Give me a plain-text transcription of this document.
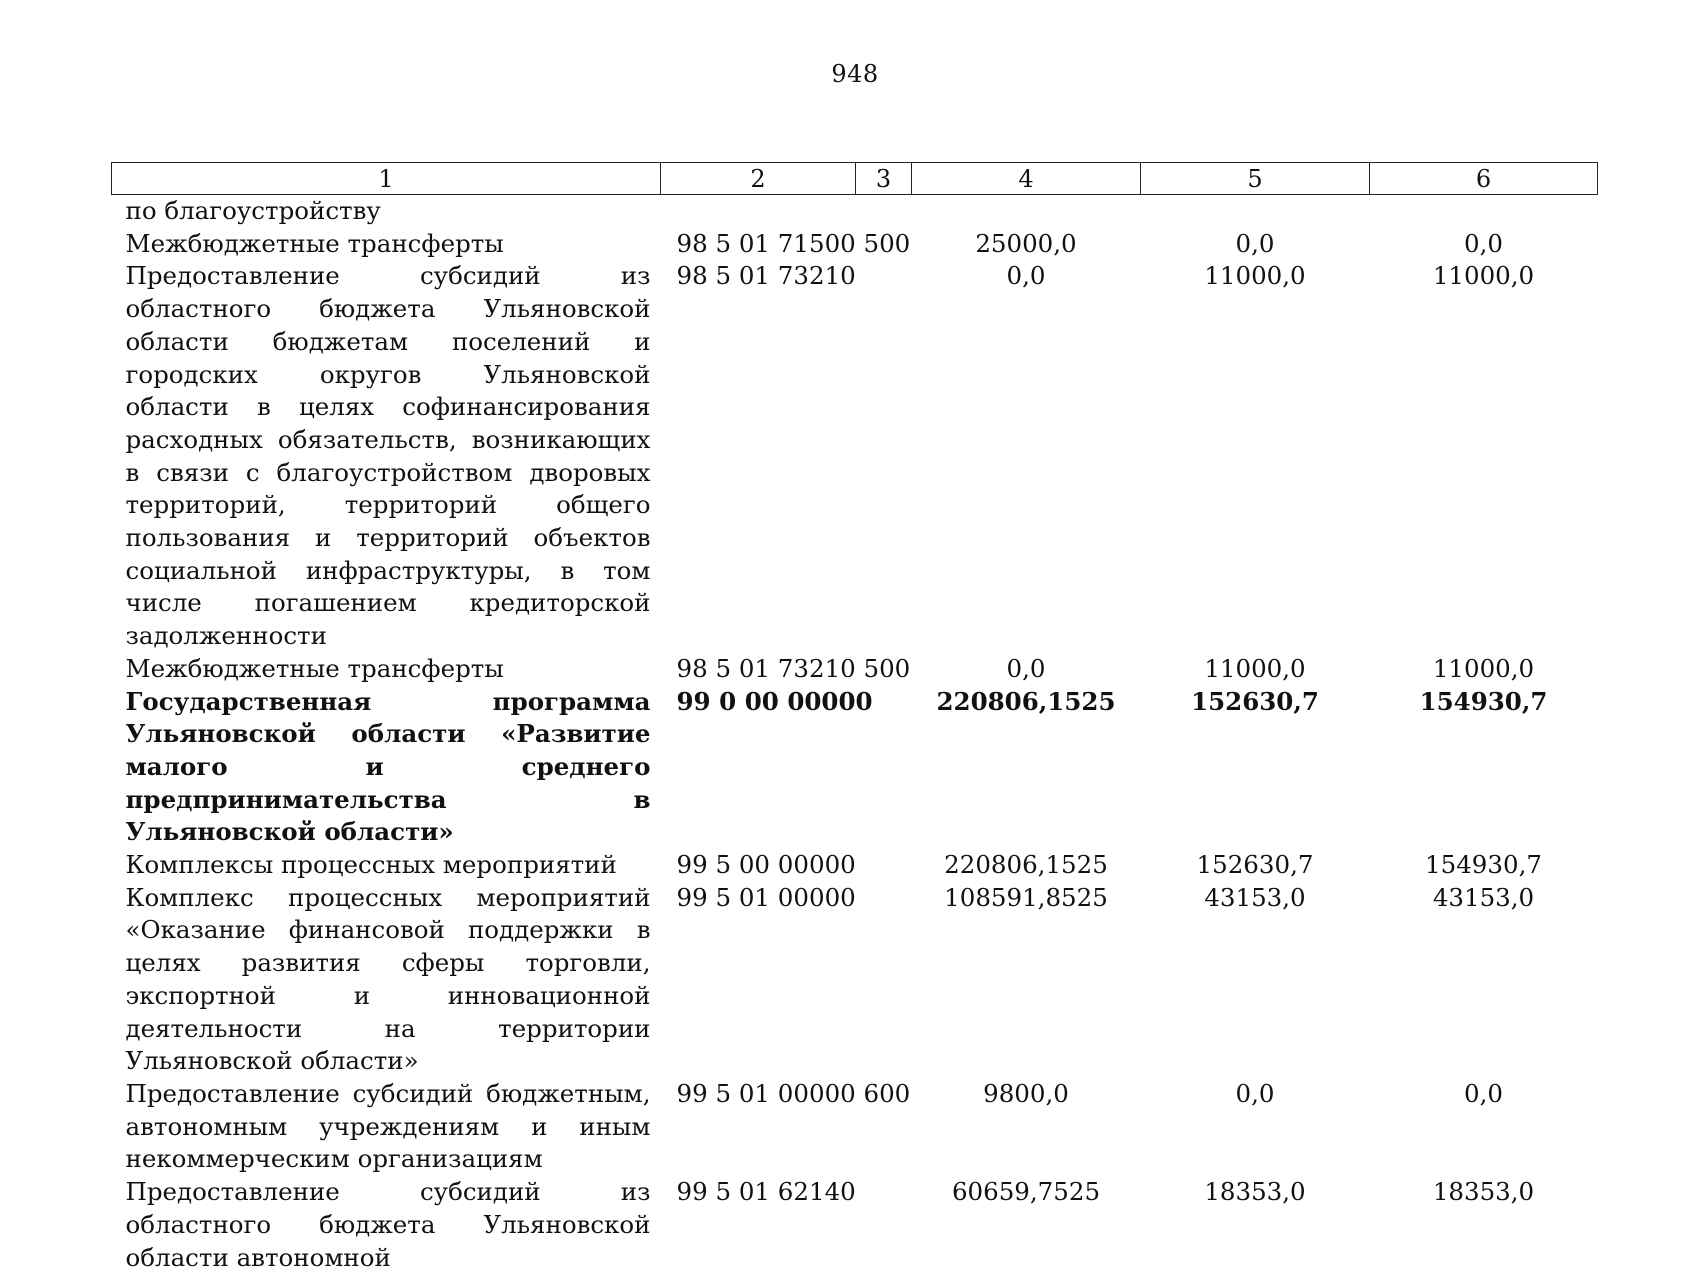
948
1	2	3	4	5	6
по благоустройству					
Межбюджетные трансферты	98 5 01 71500	500	25000,0	0,0	0,0
Предоставление субсидий из областного бюджета Ульяновской области бюджетам поселений и городских округов Ульяновской области в целях софинансирования расходных обязательств, возникающих в связи с благоустройством дворовых территорий, территорий общего пользования и территорий объектов социальной инфраструктуры, в том числе погашением кредиторской задолженности	98 5 01 73210		0,0	11000,0	11000,0
Межбюджетные трансферты	98 5 01 73210	500	0,0	11000,0	11000,0
Государственная программа Ульяновской области «Развитие малого и среднего предпринимательства в Ульяновской области»	99 0 00 00000		220806,1525	152630,7	154930,7
Комплексы процессных мероприятий	99 5 00 00000		220806,1525	152630,7	154930,7
Комплекс процессных мероприятий «Оказание финансовой поддержки в целях развития сферы торговли, экспортной и инновационной деятельности на территории Ульяновской области»	99 5 01 00000		108591,8525	43153,0	43153,0
Предоставление субсидий бюджетным, автономным учреждениям и иным некоммерческим организациям	99 5 01 00000	600	9800,0	0,0	0,0
Предоставление субсидий из областного бюджета Ульяновской области автономной	99 5 01 62140		60659,7525	18353,0	18353,0
